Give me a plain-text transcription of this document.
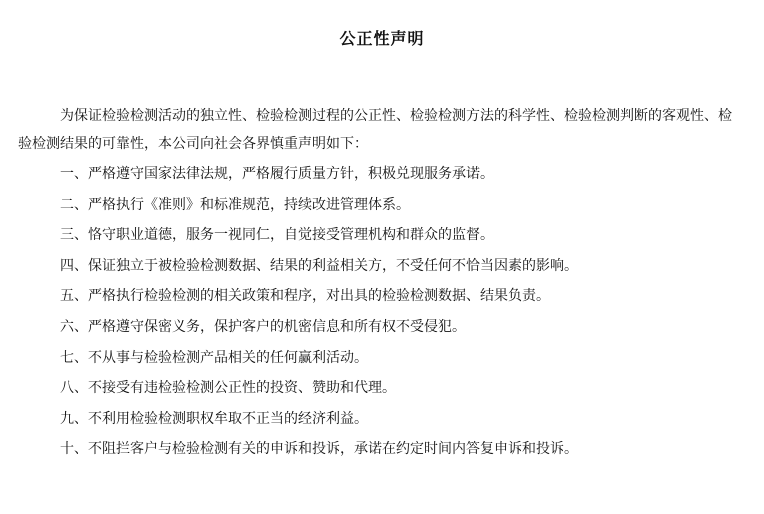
公正性声明
为保证检验检测活动的独立性、检验检测过程的公正性、检验检测方法的科学性、检验检测判断的客观性、检验检测结果的可靠性，本公司向社会各界慎重声明如下：
一、严格遵守国家法律法规，严格履行质量方针，积极兑现服务承诺。
二、严格执行《准则》和标准规范，持续改进管理体系。
三、恪守职业道德，服务一视同仁，自觉接受管理机构和群众的监督。
四、保证独立于被检验检测数据、结果的利益相关方，不受任何不恰当因素的影响。
五、严格执行检验检测的相关政策和程序，对出具的检验检测数据、结果负责。
六、严格遵守保密义务，保护客户的机密信息和所有权不受侵犯。
七、不从事与检验检测产品相关的任何赢利活动。
八、不接受有违检验检测公正性的投资、赞助和代理。
九、不利用检验检测职权牟取不正当的经济利益。
十、不阻拦客户与检验检测有关的申诉和投诉，承诺在约定时间内答复申诉和投诉。
